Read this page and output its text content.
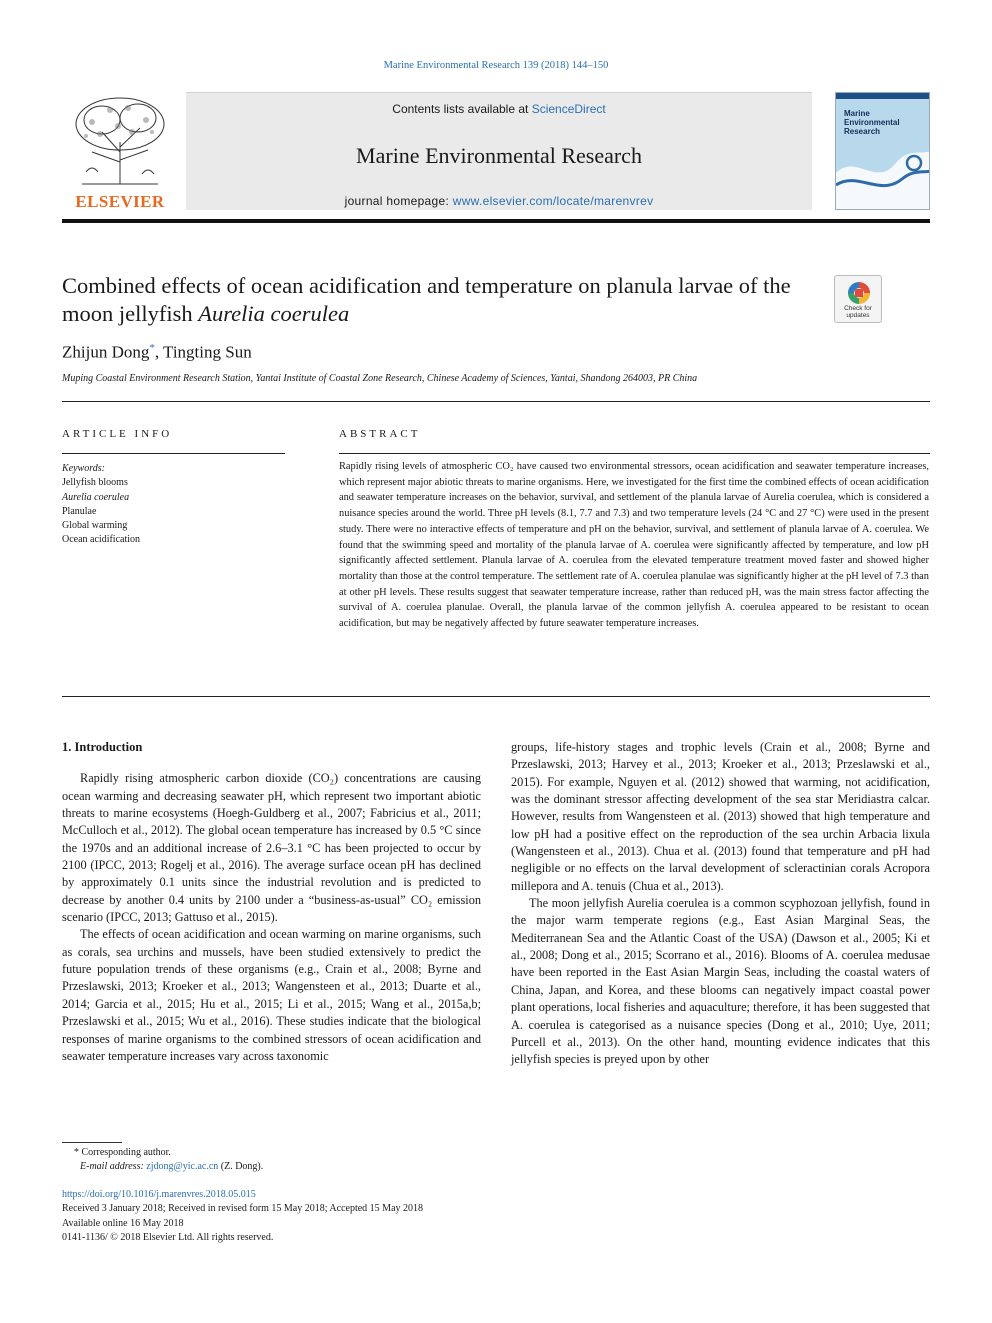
Marine Environmental Research 139 (2018) 144–150
ELSEVIER
Contents lists available at ScienceDirect
Marine Environmental Research
journal homepage: www.elsevier.com/locate/marenvrev
Marine
Environmental
Research
Combined effects of ocean acidification and temperature on planula larvae of the moon jellyfish Aurelia coerulea	Check for
updates
Zhijun Dong*, Tingting Sun
Muping Coastal Environment Research Station, Yantai Institute of Coastal Zone Research, Chinese Academy of Sciences, Yantai, Shandong 264003, PR China
ARTICLE INFO
Keywords:
Jellyfish blooms
Aurelia coerulea
Planulae
Global warming
Ocean acidification
ABSTRACT
Rapidly rising levels of atmospheric CO₂ have caused two environmental stressors, ocean acidification and seawater temperature increases, which represent major abiotic threats to marine organisms. Here, we investigated for the first time the combined effects of ocean acidification and seawater temperature increases on the behavior, survival, and settlement of the planula larvae of Aurelia coerulea, which is considered a nuisance species around the world. Three pH levels (8.1, 7.7 and 7.3) and two temperature levels (24 °C and 27 °C) were used in the present study. There were no interactive effects of temperature and pH on the behavior, survival, and settlement of planula larvae of A. coerulea. We found that the swimming speed and mortality of the planula larvae of A. coerulea were significantly affected by temperature, and low pH significantly affected settlement. Planula larvae of A. coerulea from the elevated temperature treatment moved faster and showed higher mortality than those at the control temperature. The settlement rate of A. coerulea planulae was significantly higher at the pH level of 7.3 than at other pH levels. These results suggest that seawater temperature increase, rather than reduced pH, was the main stress factor affecting the survival of A. coerulea planulae. Overall, the planula larvae of the common jellyfish A. coerulea appeared to be resistant to ocean acidification, but may be negatively affected by future seawater temperature increases.
1. Introduction

Rapidly rising atmospheric carbon dioxide (CO₂) concentrations are causing ocean warming and decreasing seawater pH, which represent two important abiotic threats to marine ecosystems (Hoegh-Guldberg et al., 2007; Fabricius et al., 2011; McCulloch et al., 2012). The global ocean temperature has increased by 0.5 °C since the 1970s and an additional increase of 2.6–3.1 °C has been projected to occur by 2100 (IPCC, 2013; Rogelj et al., 2016). The average surface ocean pH has declined by approximately 0.1 units since the industrial revolution and is predicted to decrease by another 0.4 units by 2100 under a “business-as-usual” CO₂ emission scenario (IPCC, 2013; Gattuso et al., 2015).

The effects of ocean acidification and ocean warming on marine organisms, such as corals, sea urchins and mussels, have been studied extensively to predict the future population trends of these organisms (e.g., Crain et al., 2008; Byrne and Przeslawski, 2013; Kroeker et al., 2013; Wangensteen et al., 2013; Duarte et al., 2014; Garcia et al., 2015; Hu et al., 2015; Li et al., 2015; Wang et al., 2015a,b; Przeslawski et al., 2015; Wu et al., 2016). These studies indicate that the biological responses of marine organisms to the combined stressors of ocean acidification and seawater temperature increases vary across taxonomic

groups, life-history stages and trophic levels (Crain et al., 2008; Byrne and Przeslawski, 2013; Harvey et al., 2013; Kroeker et al., 2013; Przeslawski et al., 2015). For example, Nguyen et al. (2012) showed that warming, not acidification, was the dominant stressor affecting development of the sea star Meridiastra calcar. However, results from Wangensteen et al. (2013) showed that high temperature and low pH had a positive effect on the reproduction of the sea urchin Arbacia lixula (Wangensteen et al., 2013). Chua et al. (2013) found that temperature and pH had negligible or no effects on the larval development of scleractinian corals Acropora millepora and A. tenuis (Chua et al., 2013).

The moon jellyfish Aurelia coerulea is a common scyphozoan jellyfish, found in the major warm temperate regions (e.g., East Asian Marginal Seas, the Mediterranean Sea and the Atlantic Coast of the USA) (Dawson et al., 2005; Ki et al., 2008; Dong et al., 2015; Scorrano et al., 2016). Blooms of A. coerulea medusae have been reported in the East Asian Margin Seas, including the coastal waters of China, Japan, and Korea, and these blooms can negatively impact coastal power plant operations, local fisheries and aquaculture; therefore, it has been suggested that A. coerulea is categorised as a nuisance species (Dong et al., 2010; Uye, 2011; Purcell et al., 2013). On the other hand, mounting evidence indicates that this jellyfish species is preyed upon by other

* Corresponding author.
E-mail address: zjdong@yic.ac.cn (Z. Dong).
https://doi.org/10.1016/j.marenvres.2018.05.015
Received 3 January 2018; Received in revised form 15 May 2018; Accepted 15 May 2018
Available online 16 May 2018
0141-1136/ © 2018 Elsevier Ltd. All rights reserved.
